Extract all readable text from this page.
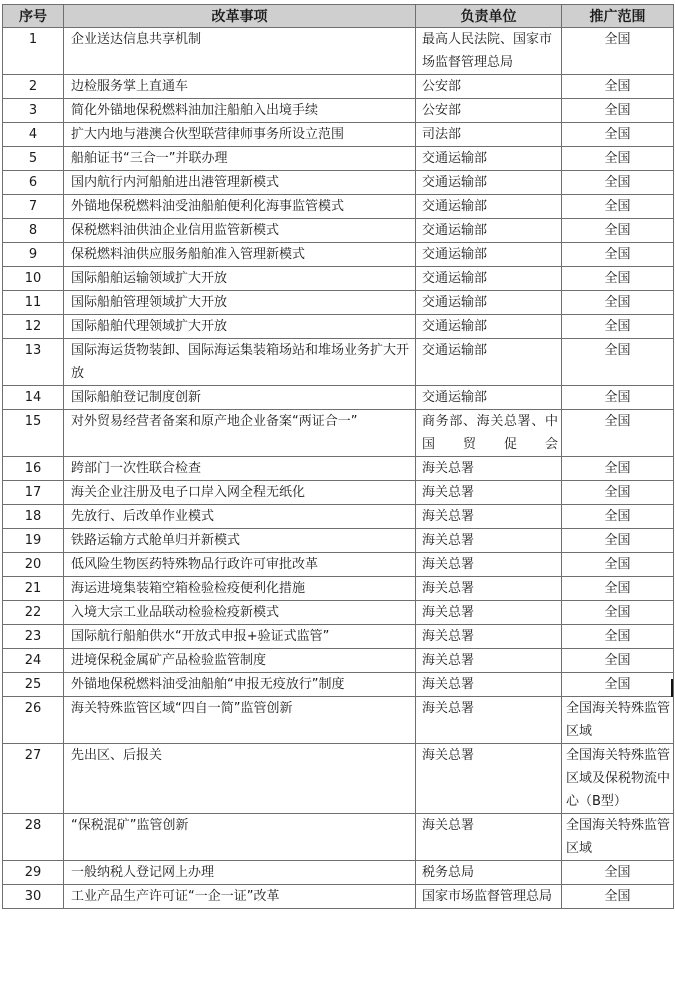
序号	改革事项	负责单位	推广范围
1	企业送达信息共享机制	最高人民法院、国家市场监督管理总局	全国
2	边检服务掌上直通车	公安部	全国
3	简化外锚地保税燃料油加注船舶入出境手续	公安部	全国
4	扩大内地与港澳合伙型联营律师事务所设立范围	司法部	全国
5	船舶证书“三合一”并联办理	交通运输部	全国
6	国内航行内河船舶进出港管理新模式	交通运输部	全国
7	外锚地保税燃料油受油船舶便利化海事监管模式	交通运输部	全国
8	保税燃料油供油企业信用监管新模式	交通运输部	全国
9	保税燃料油供应服务船舶准入管理新模式	交通运输部	全国
10	国际船舶运输领域扩大开放	交通运输部	全国
11	国际船舶管理领域扩大开放	交通运输部	全国
12	国际船舶代理领域扩大开放	交通运输部	全国
13	国际海运货物装卸、国际海运集装箱场站和堆场业务扩大开放	交通运输部	全国
14	国际船舶登记制度创新	交通运输部	全国
15	对外贸易经营者备案和原产地企业备案“两证合一”	商务部、海关总署、中国贸促会	全国
16	跨部门一次性联合检查	海关总署	全国
17	海关企业注册及电子口岸入网全程无纸化	海关总署	全国
18	先放行、后改单作业模式	海关总署	全国
19	铁路运输方式舱单归并新模式	海关总署	全国
20	低风险生物医药特殊物品行政许可审批改革	海关总署	全国
21	海运进境集装箱空箱检验检疫便利化措施	海关总署	全国
22	入境大宗工业品联动检验检疫新模式	海关总署	全国
23	国际航行船舶供水“开放式申报+验证式监管”	海关总署	全国
24	进境保税金属矿产品检验监管制度	海关总署	全国
25	外锚地保税燃料油受油船舶“申报无疫放行”制度	海关总署	全国
26	海关特殊监管区域“四自一简”监管创新	海关总署	全国海关特殊监管区域
27	先出区、后报关	海关总署	全国海关特殊监管区域及保税物流中心（B型）
28	“保税混矿”监管创新	海关总署	全国海关特殊监管区域
29	一般纳税人登记网上办理	税务总局	全国
30	工业产品生产许可证“一企一证”改革	国家市场监督管理总局	全国
